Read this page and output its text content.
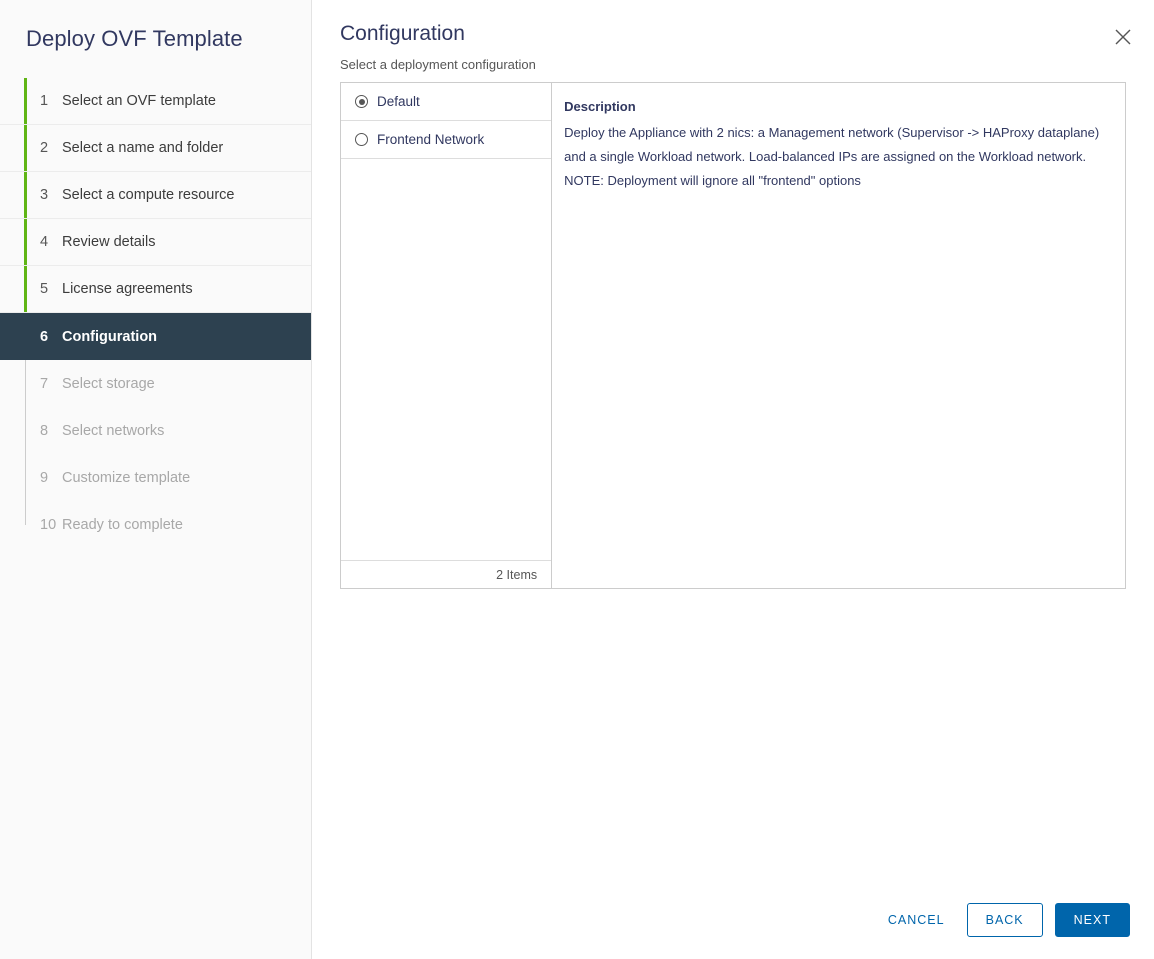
Deploy OVF Template
1 Select an OVF template
2 Select a name and folder
3 Select a compute resource
4 Review details
5 License agreements
6 Configuration
7 Select storage
8 Select networks
9 Customize template
10 Ready to complete
Configuration
Select a deployment configuration
Default
Frontend Network
2 Items
Description
Deploy the Appliance with 2 nics: a Management network (Supervisor -> HAProxy dataplane) and a single Workload network. Load-balanced IPs are assigned on the Workload network. NOTE: Deployment will ignore all "frontend" options
CANCEL	BACK	NEXT
